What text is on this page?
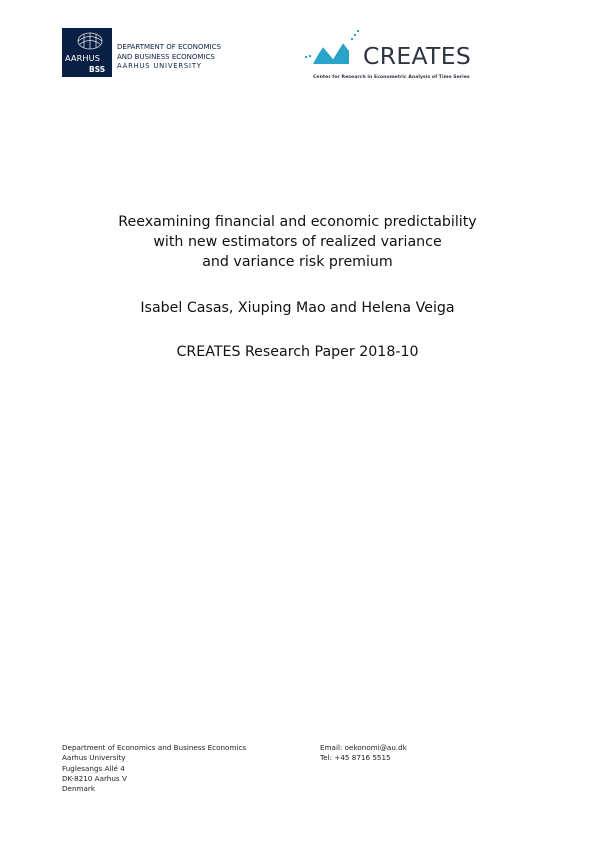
AARHUS
BSS
DEPARTMENT OF ECONOMICS
AND BUSINESS ECONOMICS
AARHUS UNIVERSITY	CREATES
Center for Research in Econometric Analysis of Time Series
Reexamining financial and economic predictability
with new estimators of realized variance
and variance risk premium
Isabel Casas, Xiuping Mao and Helena Veiga
CREATES Research Paper 2018-10
Department of Economics and Business Economics
Aarhus University
Fuglesangs Allé 4
DK-8210 Aarhus V
Denmark
Email: oekonomi@au.dk
Tel: +45 8716 5515
